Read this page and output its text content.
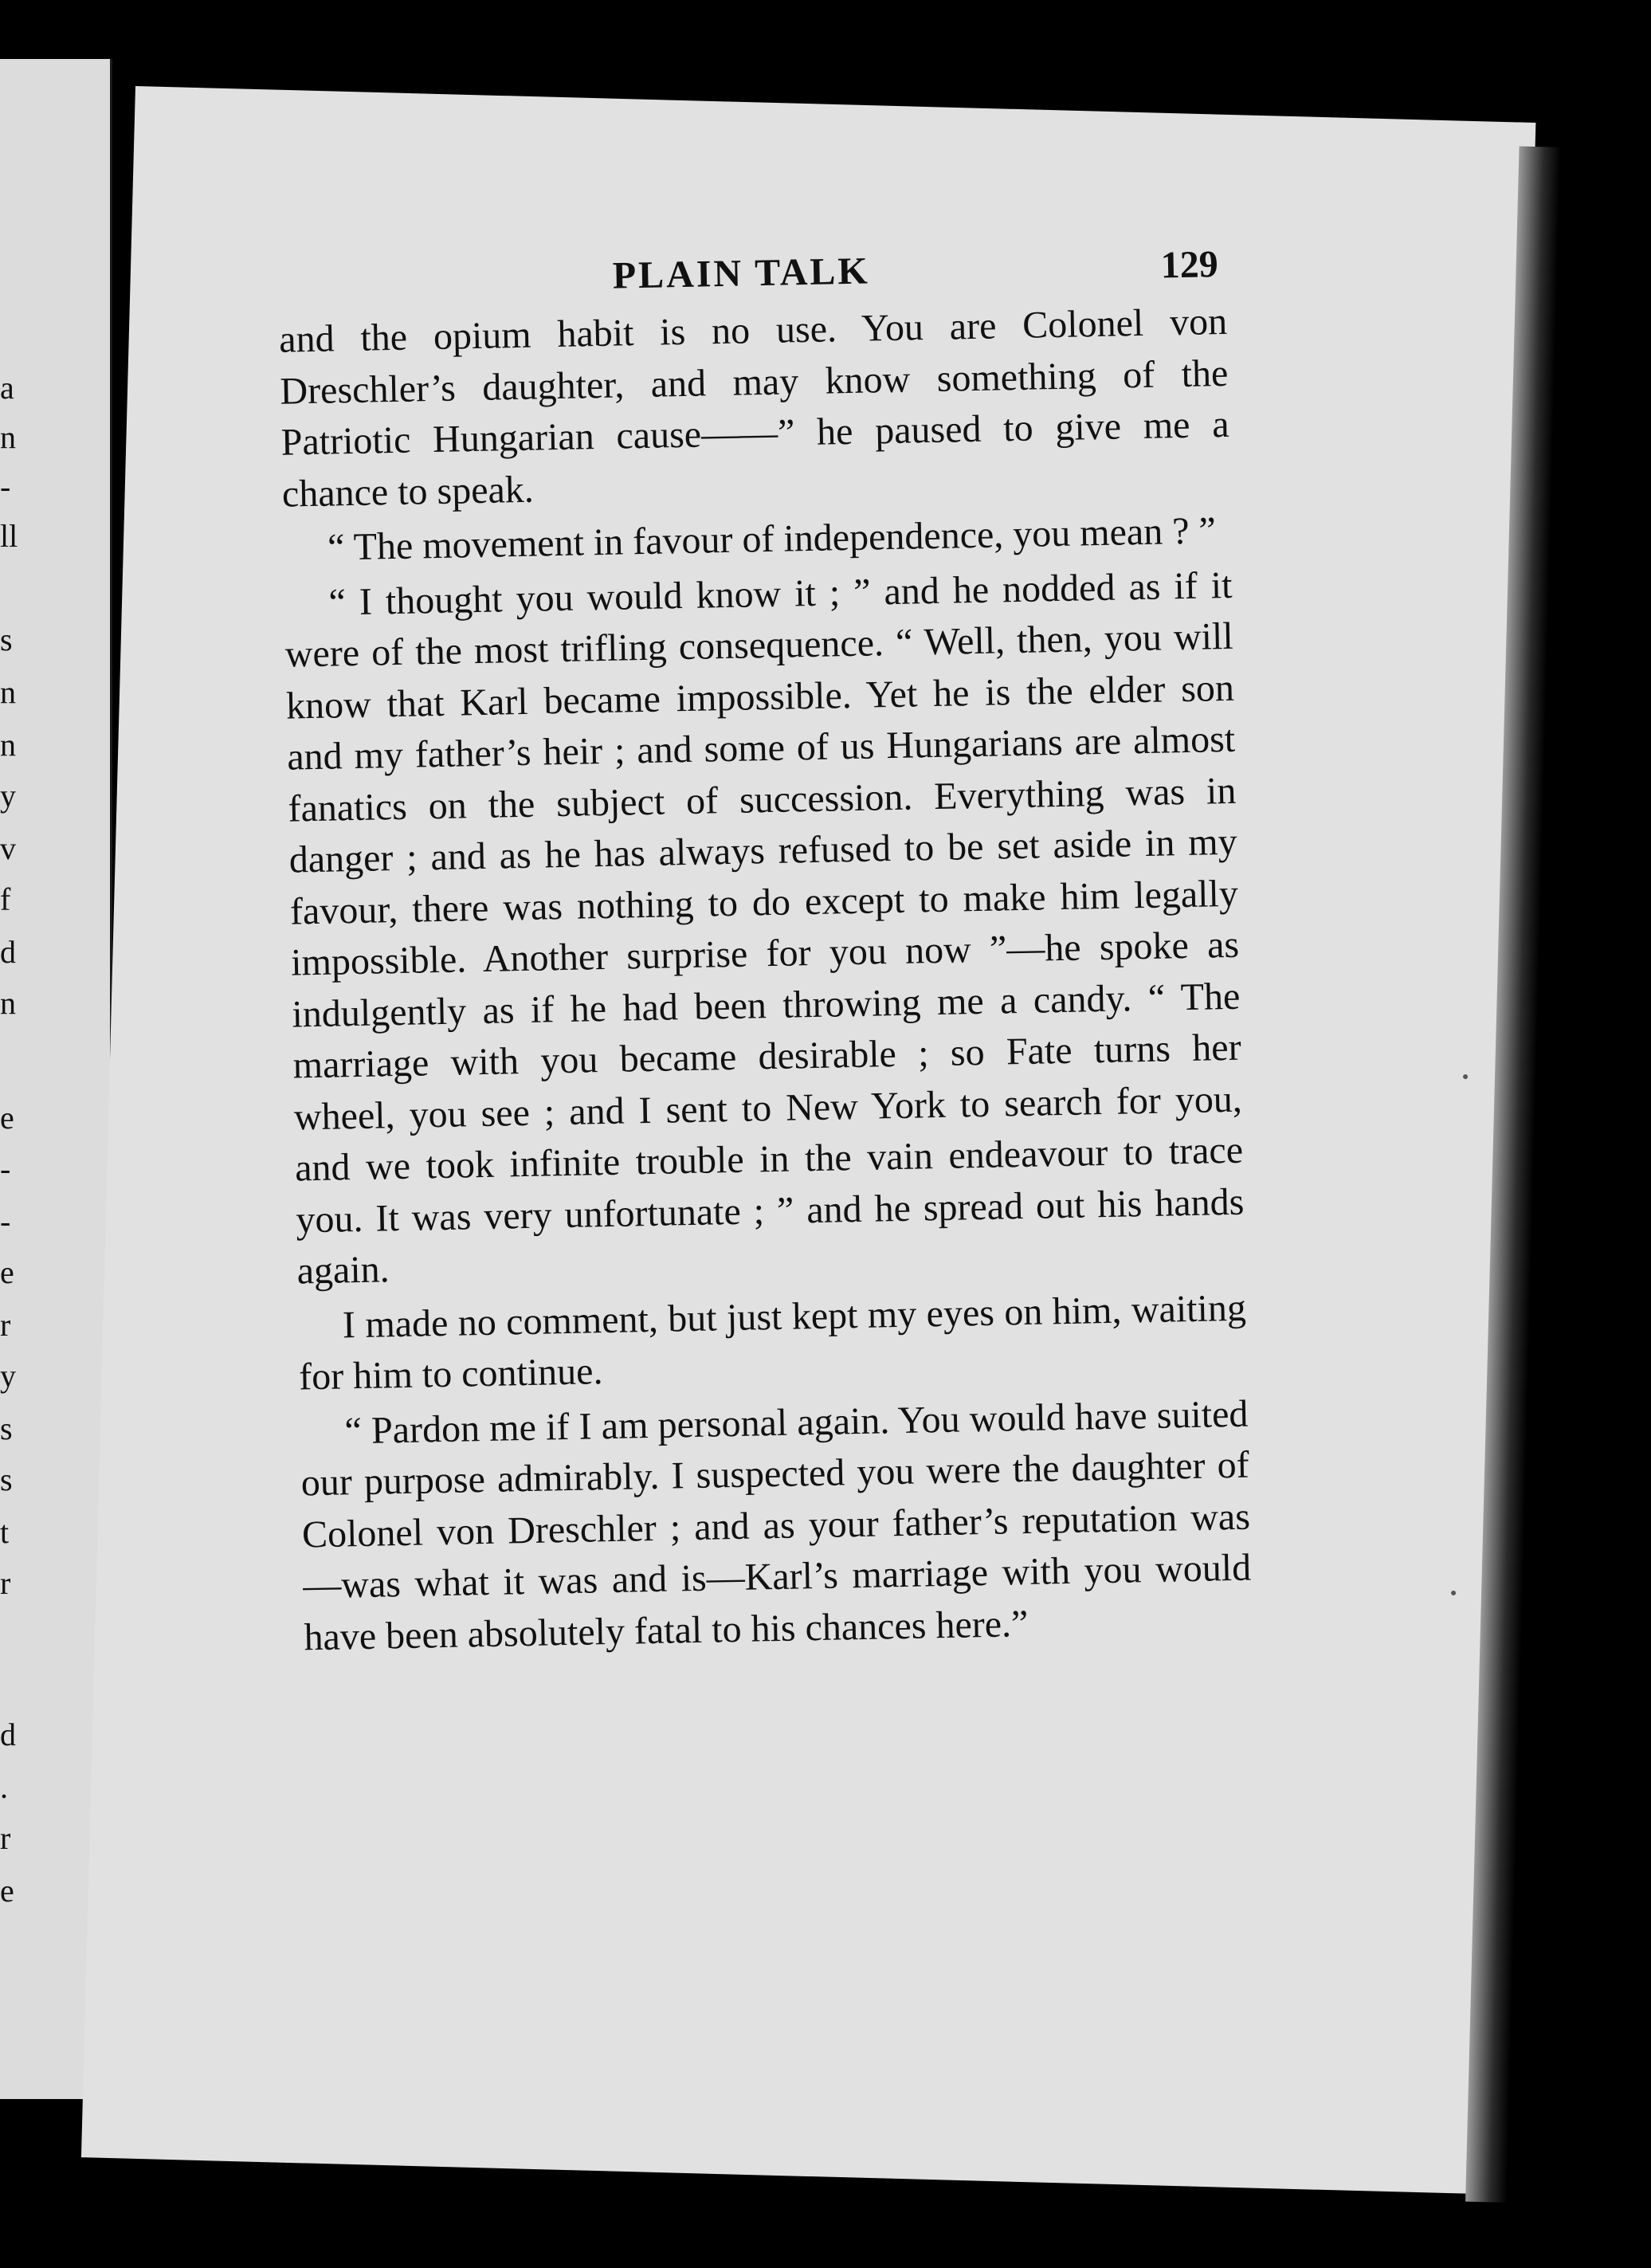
a
n
-
ll
s
n
n
y
v
f
d
n
e
-
-
e
r
y
s
s
t
r
d
.
r
e
PLAIN TALK	129

and the opium habit is no use. You are Colonel von Dreschler’s daughter, and may know something of the Patriotic Hungarian cause——” he paused to give me a chance to speak.

“ The movement in favour of independence, you mean ? ”

“ I thought you would know it ; ” and he nodded as if it were of the most trifling consequence. “ Well, then, you will know that Karl became impossible. Yet he is the elder son and my father’s heir ; and some of us Hungarians are almost fanatics on the subject of succession. Everything was in danger ; and as he has always refused to be set aside in my favour, there was nothing to do except to make him legally impossible. Another surprise for you now ”—he spoke as indulgently as if he had been throwing me a candy. “ The marriage with you became desirable ; so Fate turns her wheel, you see ; and I sent to New York to search for you, and we took infinite trouble in the vain endeavour to trace you. It was very unfortunate ; ” and he spread out his hands again.

I made no comment, but just kept my eyes on him, waiting for him to continue.

“ Pardon me if I am personal again. You would have suited our purpose admirably. I suspected you were the daughter of Colonel von Dreschler ; and as your father’s reputation was—was what it was and is—Karl’s marriage with you would have been absolutely fatal to his chances here.”
